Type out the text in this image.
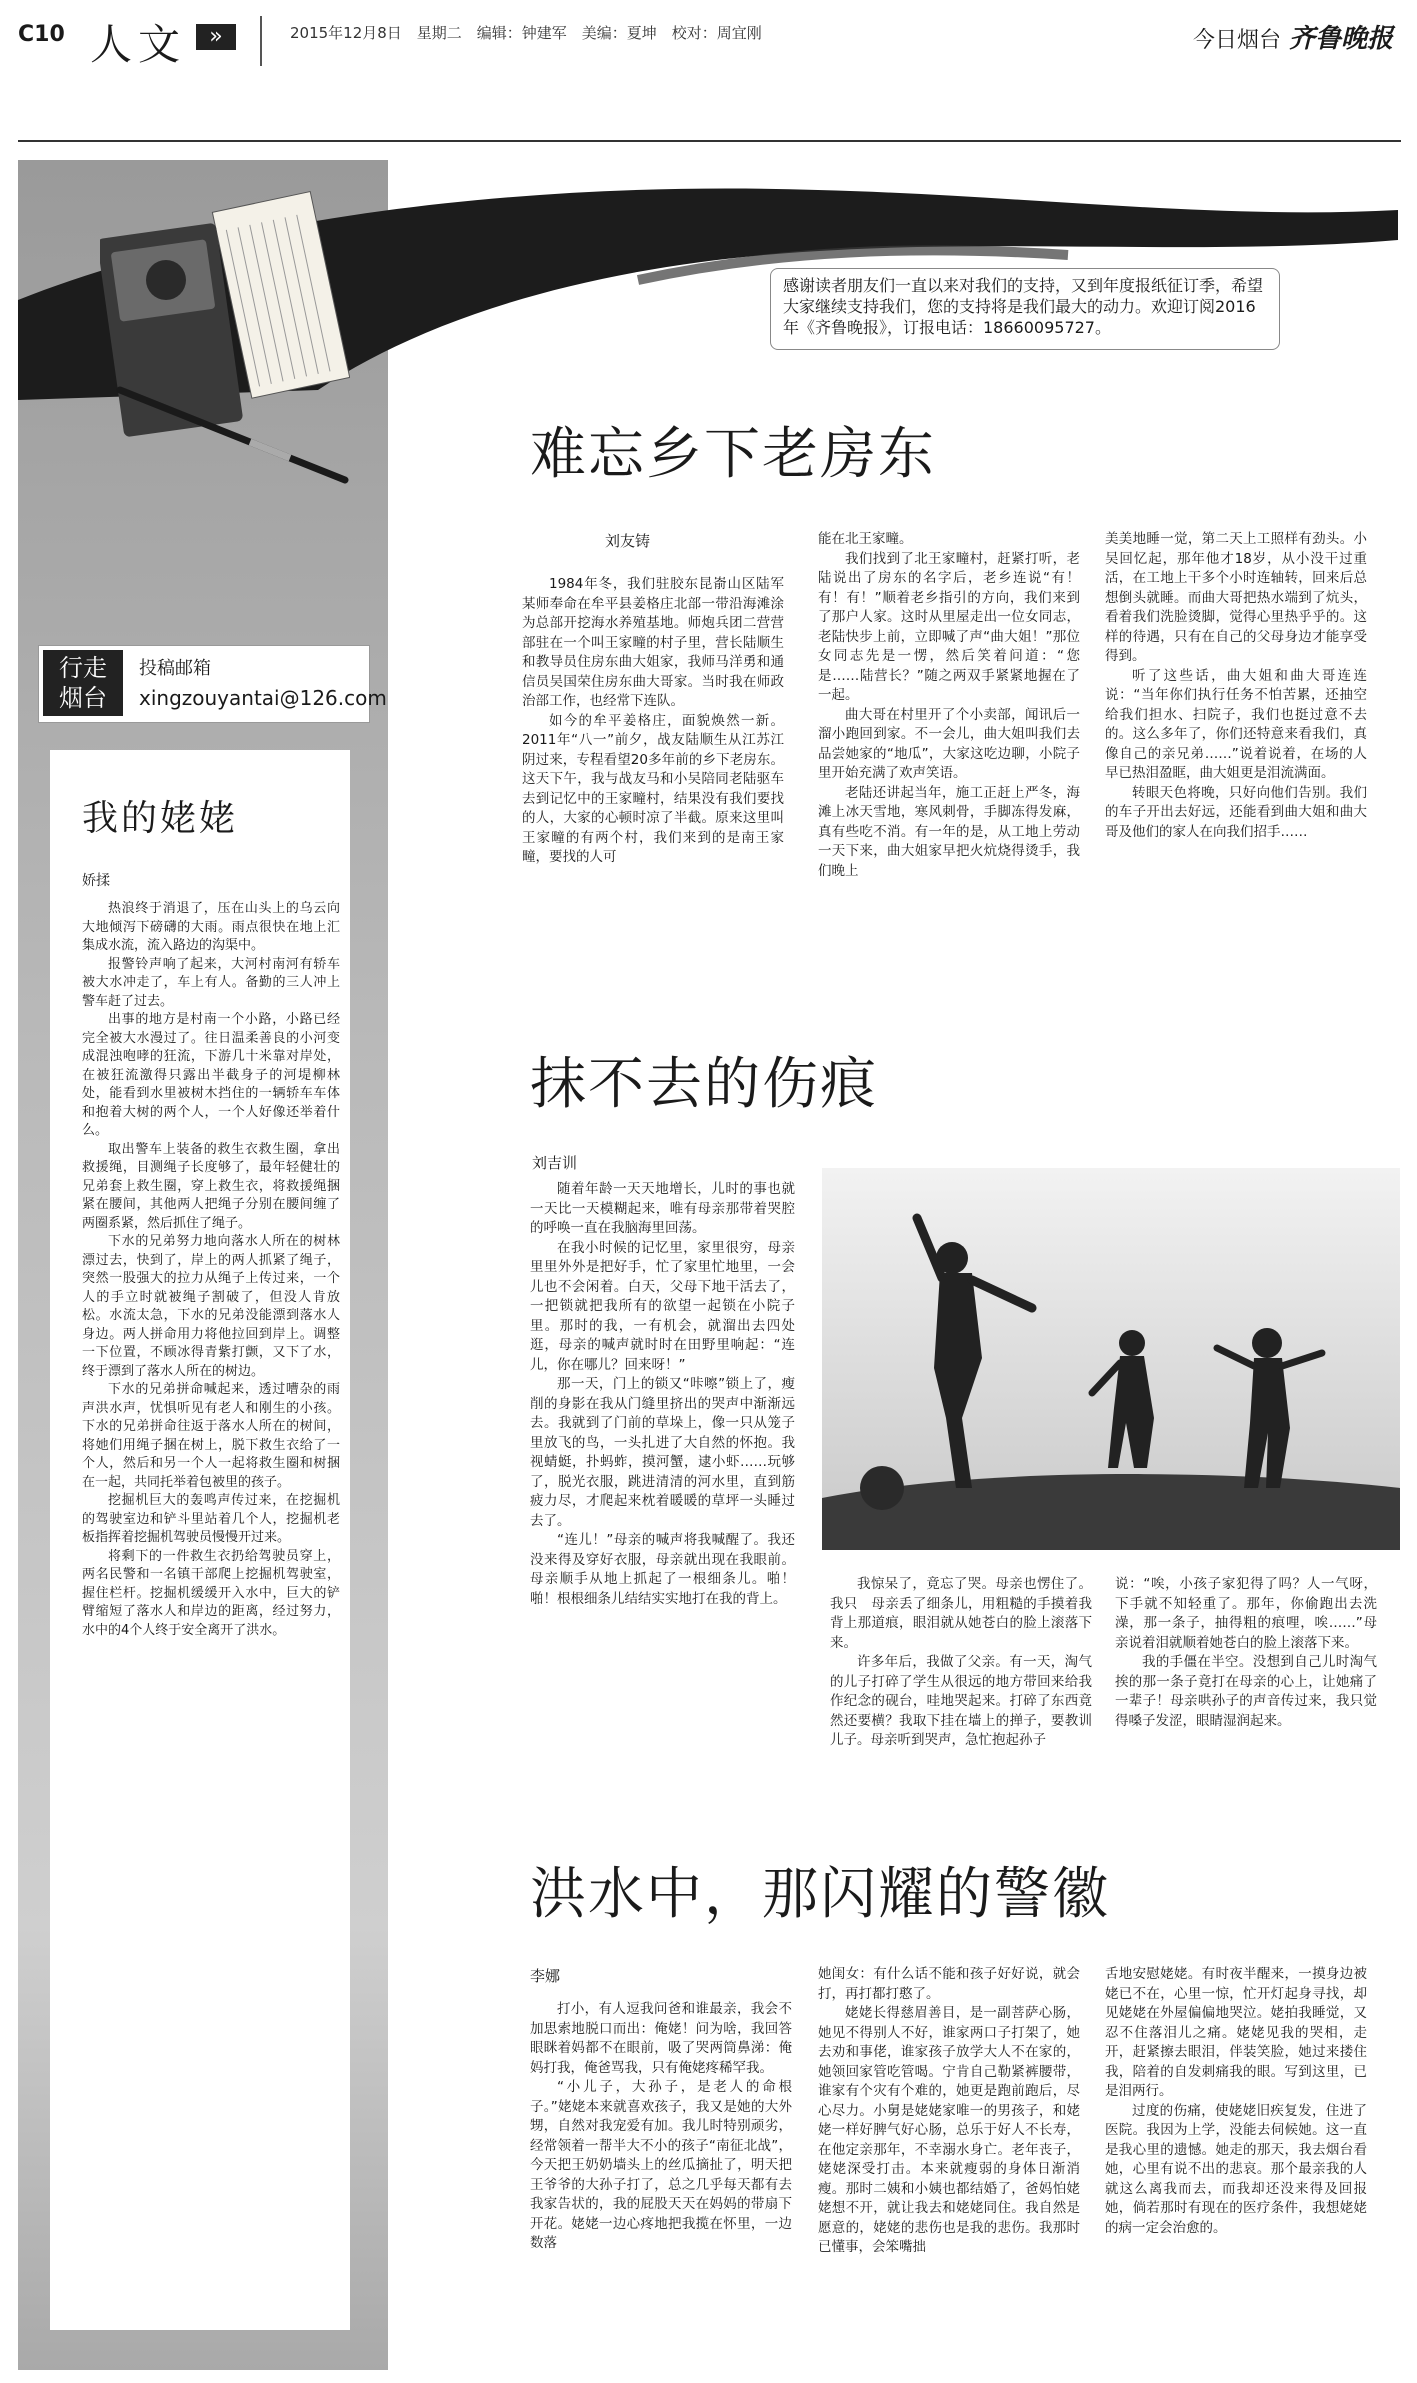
C10 人文	»	2015年12月8日　星期二　编辑：钟建军　美编：夏坤　校对：周宜刚	今日烟台 齐鲁晚报
感谢读者朋友们一直以来对我们的支持，又到年度报纸征订季，希望大家继续支持我们，您的支持将是我们最大的动力。欢迎订阅2016年《齐鲁晚报》，订报电话：18660095727。
难忘乡下老房东
刘友铸

1984年冬，我们驻胶东昆嵛山区陆军某师奉命在牟平县姜格庄北部一带沿海滩涂为总部开挖海水养殖基地。师炮兵团二营营部驻在一个叫王家疃的村子里，营长陆顺生和教导员住房东曲大姐家，我师马洋勇和通信员吴国荣住房东曲大哥家。当时我在师政治部工作，也经常下连队。

如今的牟平姜格庄，面貌焕然一新。2011年“八一”前夕，战友陆顺生从江苏江阴过来，专程看望20多年前的乡下老房东。这天下午，我与战友马和小吴陪同老陆驱车去到记忆中的王家疃村，结果没有我们要找的人，大家的心顿时凉了半截。原来这里叫王家疃的有两个村，我们来到的是南王家疃，要找的人可

能在北王家疃。

我们找到了北王家疃村，赶紧打听，老陆说出了房东的名字后，老乡连说“有！有！有！”顺着老乡指引的方向，我们来到了那户人家。这时从里屋走出一位女同志，老陆快步上前，立即喊了声“曲大姐！”那位女同志先是一愣，然后笑着问道：“您是……陆营长？”随之两双手紧紧地握在了一起。

曲大哥在村里开了个小卖部，闻讯后一溜小跑回到家。不一会儿，曲大姐叫我们去品尝她家的“地瓜”，大家这吃边聊，小院子里开始充满了欢声笑语。

老陆还讲起当年，施工正赶上严冬，海滩上冰天雪地，寒风刺骨，手脚冻得发麻，真有些吃不消。有一年的是，从工地上劳动一天下来，曲大姐家早把火炕烧得烫手，我们晚上

美美地睡一觉，第二天上工照样有劲头。小吴回忆起，那年他才18岁，从小没干过重活，在工地上干多个小时连轴转，回来后总想倒头就睡。而曲大哥把热水端到了炕头，看着我们洗脸烫脚，觉得心里热乎乎的。这样的待遇，只有在自己的父母身边才能享受得到。

听了这些话，曲大姐和曲大哥连连说：“当年你们执行任务不怕苦累，还抽空给我们担水、扫院子，我们也挺过意不去的。这么多年了，你们还特意来看我们，真像自己的亲兄弟……”说着说着，在场的人早已热泪盈眶，曲大姐更是泪流满面。

转眼天色将晚，只好向他们告别。我们的车子开出去好远，还能看到曲大姐和曲大哥及他们的家人在向我们招手……

行走
烟台
投稿邮箱
xingzouyantai@126.com
我的姥姥
娇揉

热浪终于消退了，压在山头上的乌云向大地倾泻下磅礴的大雨。雨点很快在地上汇集成水流，流入路边的沟渠中。

报警铃声响了起来，大河村南河有轿车被大水冲走了，车上有人。备勤的三人冲上警车赶了过去。

出事的地方是村南一个小路，小路已经完全被大水漫过了。往日温柔善良的小河变成混浊咆哮的狂流，下游几十米靠对岸处，在被狂流激得只露出半截身子的河堤柳林处，能看到水里被树木挡住的一辆轿车车体和抱着大树的两个人，一个人好像还举着什么。

取出警车上装备的救生衣救生圈，拿出救援绳，目测绳子长度够了，最年轻健壮的兄弟套上救生圈，穿上救生衣，将救援绳捆紧在腰间，其他两人把绳子分别在腰间缠了两圈系紧，然后抓住了绳子。

下水的兄弟努力地向落水人所在的树林漂过去，快到了，岸上的两人抓紧了绳子，突然一股强大的拉力从绳子上传过来，一个人的手立时就被绳子割破了，但没人肯放松。水流太急，下水的兄弟没能漂到落水人身边。两人拼命用力将他拉回到岸上。调整一下位置，不顾冰得青紫打颤，又下了水，终于漂到了落水人所在的树边。

下水的兄弟拼命喊起来，透过嘈杂的雨声洪水声，忧惧听见有老人和刚生的小孩。下水的兄弟拼命往返于落水人所在的树间，将她们用绳子捆在树上，脱下救生衣给了一个人，然后和另一个人一起将救生圈和树捆在一起，共同托举着包被里的孩子。

挖掘机巨大的轰鸣声传过来，在挖掘机的驾驶室边和铲斗里站着几个人，挖掘机老板指挥着挖掘机驾驶员慢慢开过来。

将剩下的一件救生衣扔给驾驶员穿上，两名民警和一名镇干部爬上挖掘机驾驶室，握住栏杆。挖掘机缓缓开入水中，巨大的铲臂缩短了落水人和岸边的距离，经过努力，水中的4个人终于安全离开了洪水。

抹不去的伤痕
刘吉训

随着年龄一天天地增长，儿时的事也就一天比一天模糊起来，唯有母亲那带着哭腔的呼唤一直在我脑海里回荡。

在我小时候的记忆里，家里很穷，母亲里里外外是把好手，忙了家里忙地里，一会儿也不会闲着。白天，父母下地干活去了，一把锁就把我所有的欲望一起锁在小院子里。那时的我，一有机会，就溜出去四处逛，母亲的喊声就时时在田野里响起：“连儿，你在哪儿？回来呀！”

那一天，门上的锁又“咔嚓”锁上了，瘦削的身影在我从门缝里挤出的哭声中渐渐远去。我就到了门前的草垛上，像一只从笼子里放飞的鸟，一头扎进了大自然的怀抱。我视蜻蜓，扑蚂蚱，摸河蟹，逮小虾……玩够了，脱光衣服，跳进清清的河水里，直到筋疲力尽，才爬起来枕着暖暖的草坪一头睡过去了。

“连儿！”母亲的喊声将我喊醒了。我还没来得及穿好衣服，母亲就出现在我眼前。母亲顺手从地上抓起了一根细条儿。啪！啪！根根细条儿结结实实地打在我的背上。

我惊呆了，竟忘了哭。母亲也愣住了。我只　母亲丢了细条儿，用粗糙的手摸着我背上那道痕，眼泪就从她苍白的脸上滚落下来。

许多年后，我做了父亲。有一天，淘气的儿子打碎了学生从很远的地方带回来给我作纪念的砚台，哇地哭起来。打碎了东西竟然还要横？我取下挂在墙上的掸子，要教训儿子。母亲听到哭声，急忙抱起孙子

说：“唉，小孩子家犯得了吗？人一气呀，下手就不知轻重了。那年，你偷跑出去洗澡，那一条子，抽得粗的痕哩，唉……”母亲说着泪就顺着她苍白的脸上滚落下来。

我的手僵在半空。没想到自己儿时淘气挨的那一条子竟打在母亲的心上，让她痛了一辈子！母亲哄孙子的声音传过来，我只觉得嗓子发涩，眼睛湿润起来。

洪水中，那闪耀的警徽
李娜

打小，有人逗我问爸和谁最亲，我会不加思索地脱口而出：俺姥！问为啥，我回答眼眯着妈都不在眼前，吸了哭两筒鼻涕：俺妈打我，俺爸骂我，只有俺姥疼稀罕我。

“小儿子，大孙子，是老人的命根子。”姥姥本来就喜欢孩子，我又是她的大外甥，自然对我宠爱有加。我儿时特别顽劣，经常领着一帮半大不小的孩子“南征北战”，今天把王奶奶墙头上的丝瓜摘扯了，明天把王爷爷的大孙子打了，总之几乎每天都有去我家告状的，我的屁股天天在妈妈的带扇下开花。姥姥一边心疼地把我揽在怀里，一边数落

她闺女：有什么话不能和孩子好好说，就会打，再打都打憨了。

姥姥长得慈眉善目，是一副菩萨心肠，她见不得别人不好，谁家两口子打架了，她去劝和事佬，谁家孩子放学大人不在家的，她领回家管吃管喝。宁肯自己勒紧裤腰带，谁家有个灾有个难的，她更是跑前跑后，尽心尽力。小舅是姥姥家唯一的男孩子，和姥姥一样好脾气好心肠，总乐于好人不长寿，在他定亲那年，不幸溺水身亡。老年丧子，姥姥深受打击。本来就瘦弱的身体日渐消瘦。那时二姨和小姨也都结婚了，爸妈怕姥姥想不开，就让我去和姥姥同住。我自然是愿意的，姥姥的悲伤也是我的悲伤。我那时已懂事，会笨嘴拙

舌地安慰姥姥。有时夜半醒来，一摸身边被姥已不在，心里一惊，忙开灯起身寻找，却见姥姥在外屋偏偏地哭泣。姥拍我睡觉，又忍不住落泪儿之痛。姥姥见我的哭相，走开，赶紧擦去眼泪，伴装笑脸，她过来搂住我，陪着的自发刺痛我的眼。写到这里，已是泪两行。

过度的伤痛，使姥姥旧疾复发，住进了医院。我因为上学，没能去伺候她。这一直是我心里的遗憾。她走的那天，我去烟台看她，心里有说不出的悲哀。那个最亲我的人就这么离我而去，而我却还没来得及回报她，倘若那时有现在的医疗条件，我想姥姥的病一定会治愈的。
